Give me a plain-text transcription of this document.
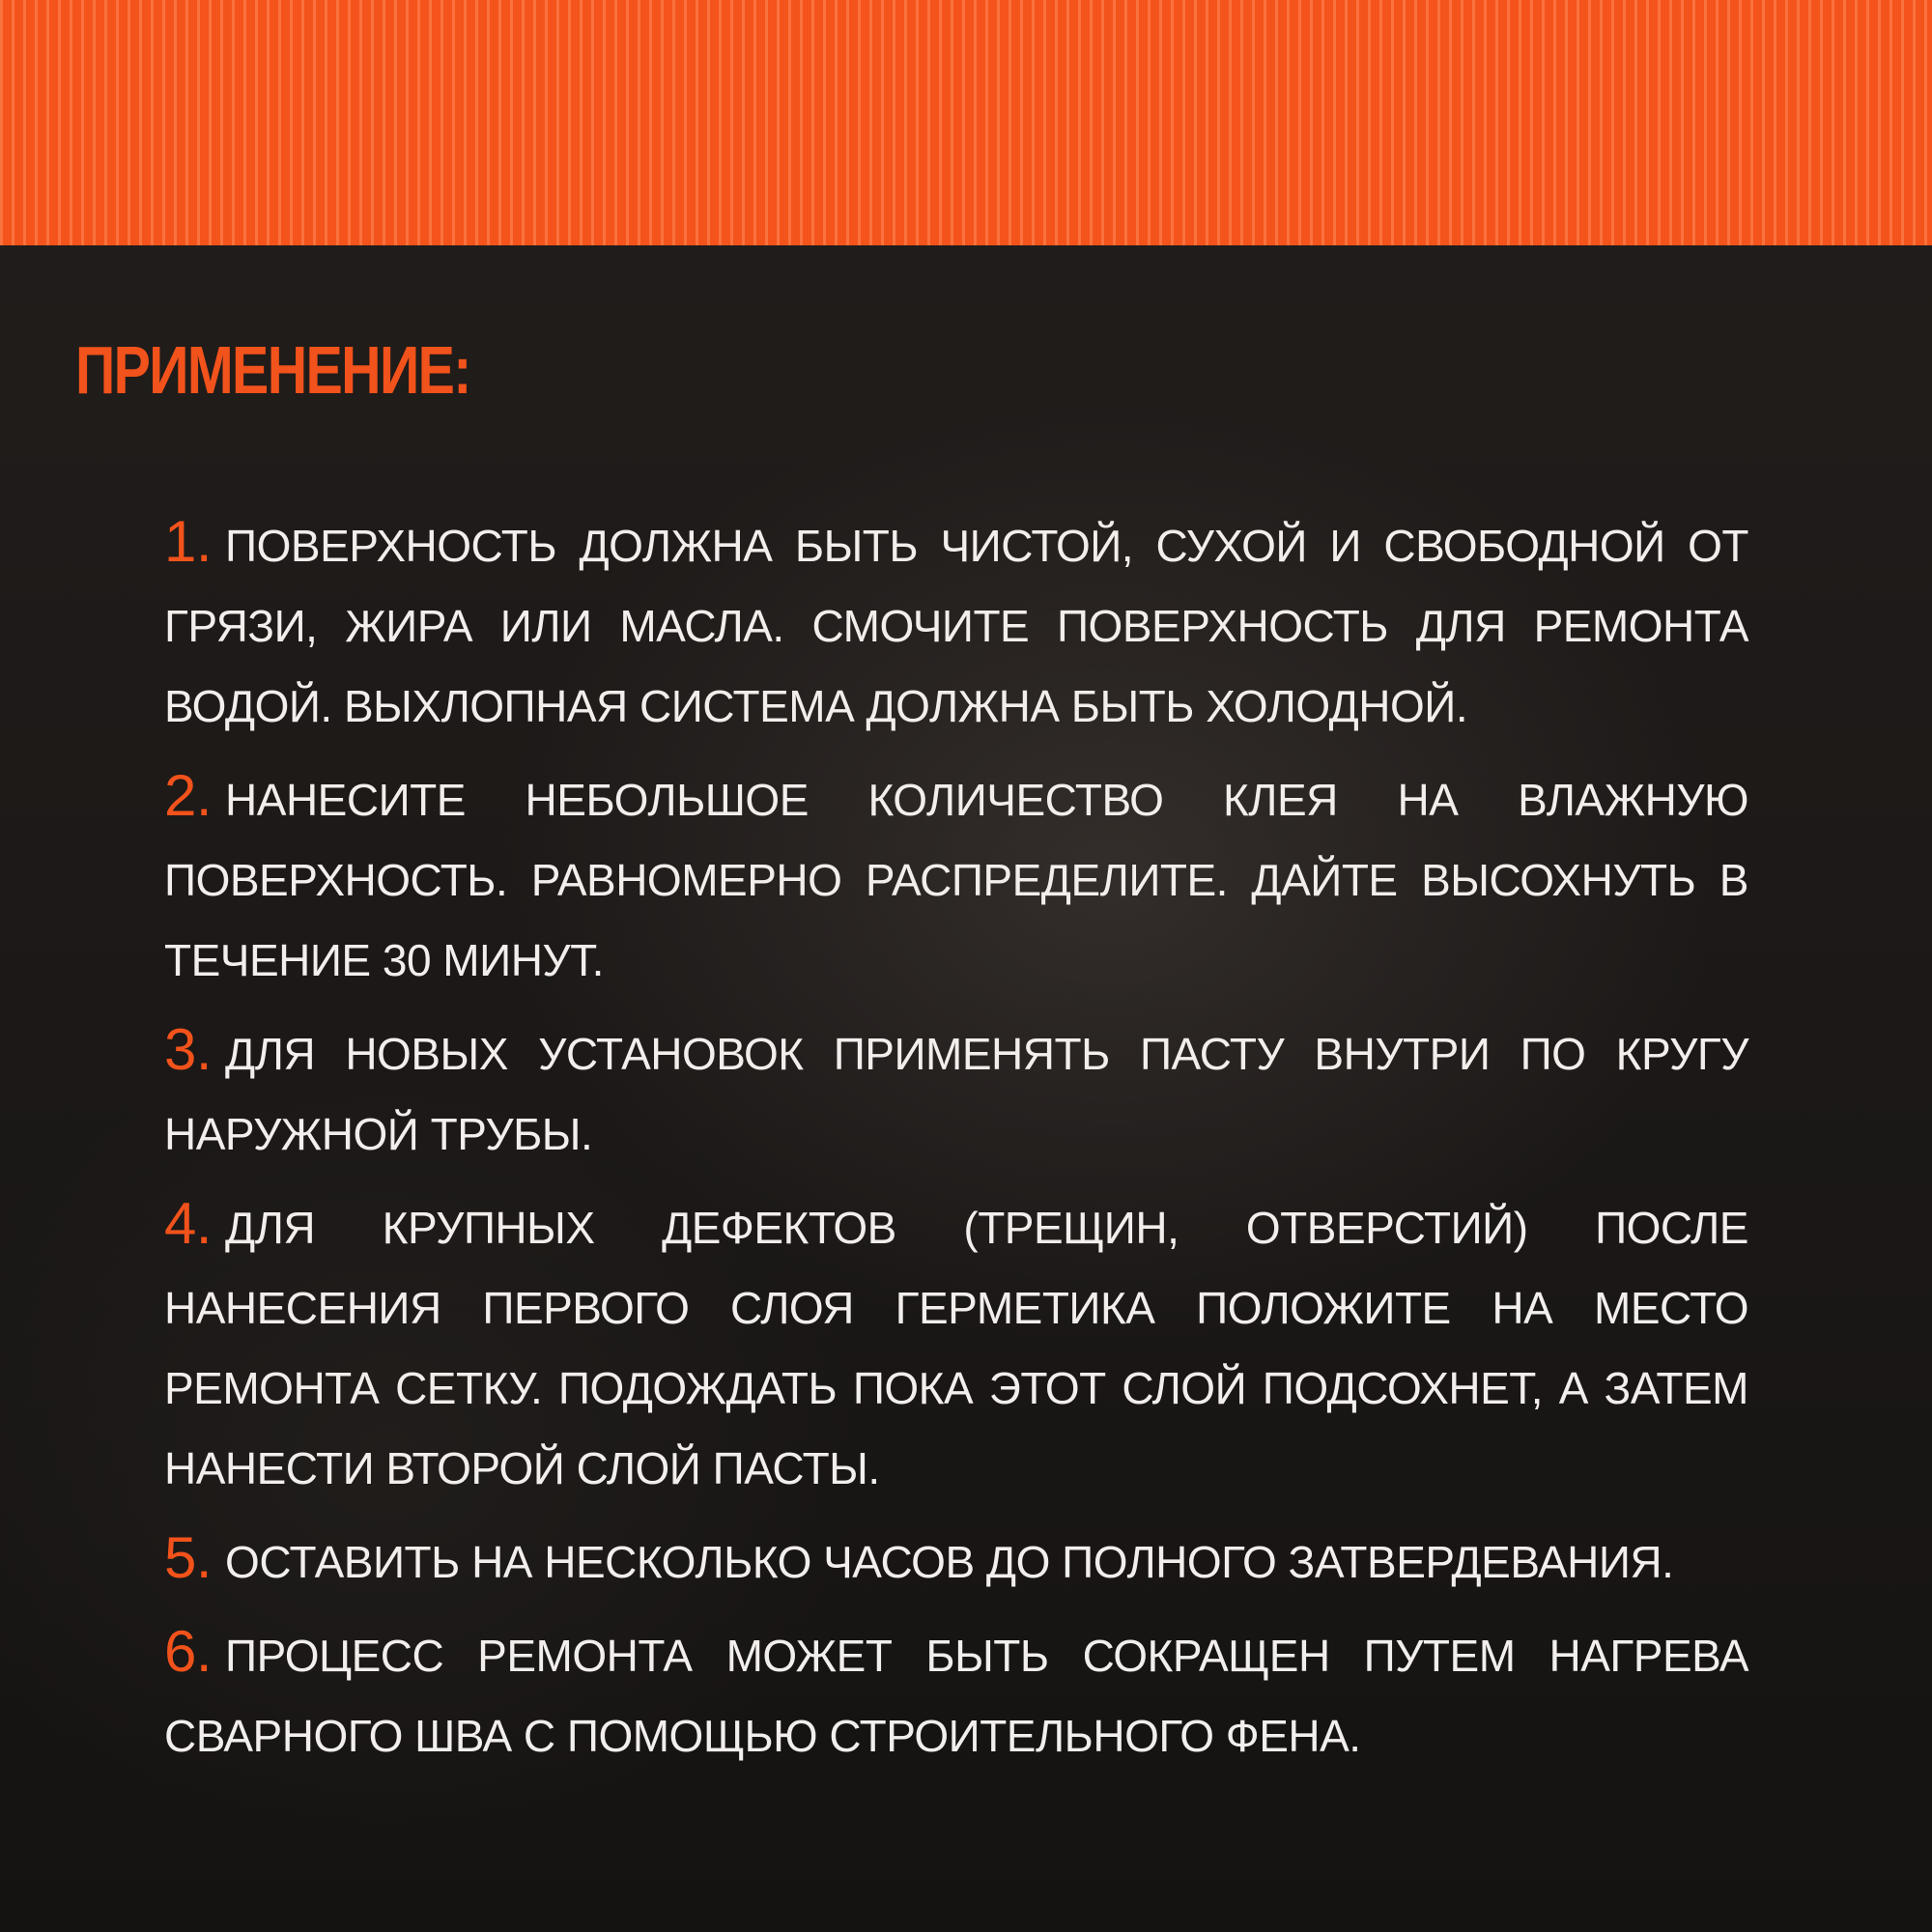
ПРИМЕНЕНИЕ:
1. ПОВЕРХНОСТЬ ДОЛЖНА БЫТЬ ЧИСТОЙ, СУХОЙ И СВОБОДНОЙ ОТ ГРЯЗИ, ЖИРА ИЛИ МАСЛА. СМОЧИТЕ ПОВЕРХНОСТЬ ДЛЯ РЕМОНТА ВОДОЙ. ВЫХЛОПНАЯ СИСТЕМА ДОЛЖНА БЫТЬ ХОЛОДНОЙ.
2. НАНЕСИТЕ НЕБОЛЬШОЕ КОЛИЧЕСТВО КЛЕЯ НА ВЛАЖНУЮ ПОВЕРХНОСТЬ. РАВНОМЕРНО РАСПРЕДЕЛИТЕ. ДАЙТЕ ВЫСОХНУТЬ В ТЕЧЕНИЕ 30 МИНУТ.
3. ДЛЯ НОВЫХ УСТАНОВОК ПРИМЕНЯТЬ ПАСТУ ВНУТРИ ПО КРУГУ НАРУЖНОЙ ТРУБЫ.
4. ДЛЯ КРУПНЫХ ДЕФЕКТОВ (ТРЕЩИН, ОТВЕРСТИЙ) ПОСЛЕ НАНЕСЕНИЯ ПЕРВОГО СЛОЯ ГЕРМЕТИКА ПОЛОЖИТЕ НА МЕСТО РЕМОНТА СЕТКУ. ПОДОЖДАТЬ ПОКА ЭТОТ СЛОЙ ПОДСОХНЕТ, А ЗАТЕМ НАНЕСТИ ВТОРОЙ СЛОЙ ПАСТЫ.
5. ОСТАВИТЬ НА НЕСКОЛЬКО ЧАСОВ ДО ПОЛНОГО ЗАТВЕРДЕВАНИЯ.
6. ПРОЦЕСС РЕМОНТА МОЖЕТ БЫТЬ СОКРАЩЕН ПУТЕМ НАГРЕВА СВАРНОГО ШВА С ПОМОЩЬЮ СТРОИТЕЛЬНОГО ФЕНА.
